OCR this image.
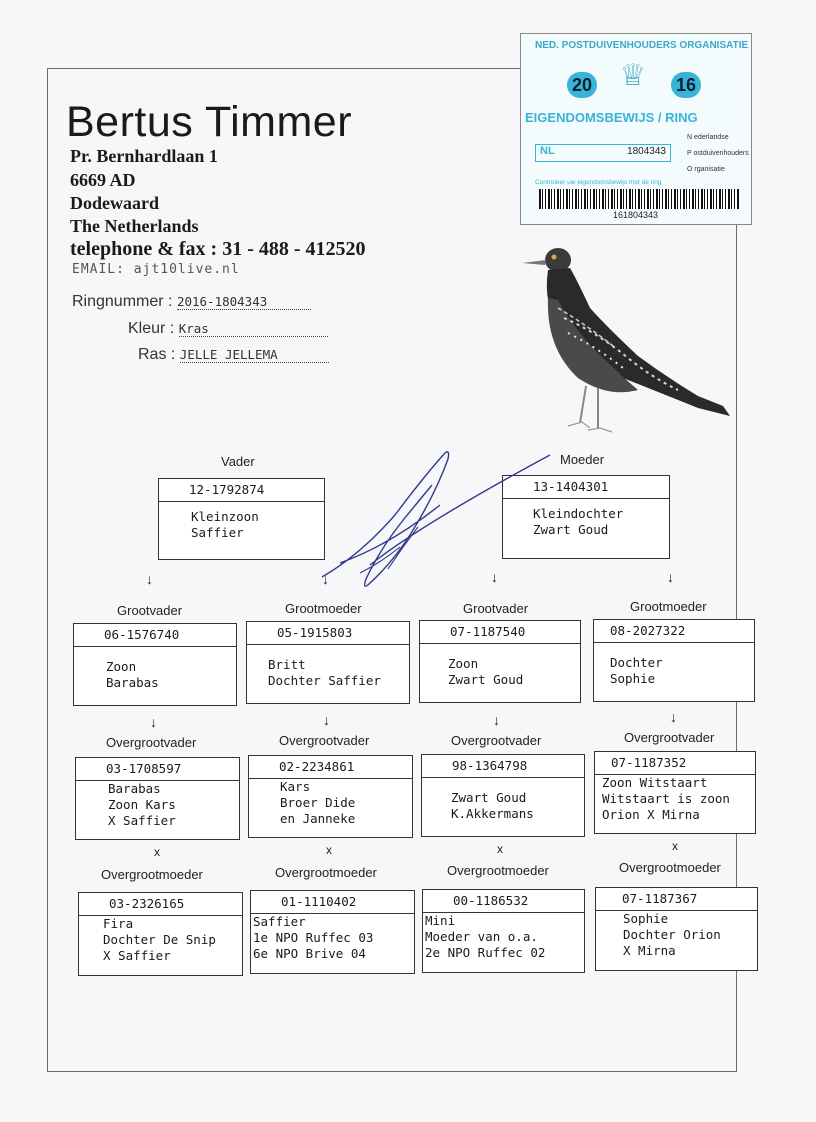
Bertus Timmer
Pr. Bernhardlaan 1
6669 AD
Dodewaard
The Netherlands
telephone & fax : 31 - 488 - 412520
EMAIL: ajt10live.nl
Ringnummer : 2016-1804343
Kleur : Kras
Ras : JELLE JELLEMA
NED. POSTDUIVENHOUDERS ORGANISATIE
20 ♕ 16
EIGENDOMSBEWIJS / RING
NL	1804343
N ederlandse
P ostduivenhouders
O rganisatie
Controleer uw eigendomsbewijs met de ring
161804343
Vader	Moeder
12-1792874
Kleinzoon
Saffier
13-1404301
Kleindochter
Zwart Goud
↓	↓	↓	↓
Grootvader	Grootmoeder	Grootvader	Grootmoeder
06-1576740
Zoon
Barabas
05-1915803
Britt
Dochter Saffier
07-1187540
Zoon
Zwart Goud
08-2027322
Dochter
Sophie
↓	↓	↓	↓
Overgrootvader	Overgrootvader	Overgrootvader	Overgrootvader
03-1708597
Barabas
Zoon Kars
X Saffier
02-2234861
Kars
Broer Dide
en Janneke
98-1364798
Zwart Goud
K.Akkermans
07-1187352
Zoon Witstaart
Witstaart is zoon
Orion X Mirna
x	x	x	x
Overgrootmoeder	Overgrootmoeder	Overgrootmoeder	Overgrootmoeder
03-2326165
Fira
Dochter De Snip
X Saffier
01-1110402
Saffier
1e NPO Ruffec 03
6e NPO Brive 04
00-1186532
Mini
Moeder van o.a.
2e NPO Ruffec 02
07-1187367
Sophie
Dochter Orion
X Mirna
